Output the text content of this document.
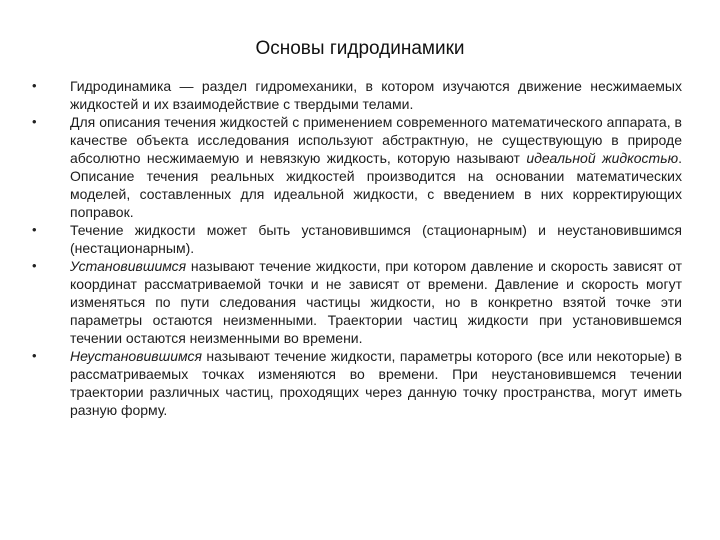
Основы гидродинамики
• Гидродинамика — раздел гидромеханики, в котором изучаются движение несжимаемых жидкостей и их взаимодействие с твердыми телами.
• Для описания течения жидкостей с применением современного математического аппарата, в качестве объекта исследования используют абстрактную, не существующую в природе абсолютно несжимаемую и невязкую жидкость, которую называют идеальной жидкостью. Описание течения реальных жидкостей производится на основании математических моделей, составленных для идеальной жидкости, с введением в них корректирующих поправок.
• Течение жидкости может быть установившимся (стационарным) и неустановившимся (нестационарным).
• Установившимся называют течение жидкости, при котором давление и скорость зависят от координат рассматриваемой точки и не зависят от времени. Давление и скорость могут изменяться по пути следования частицы жидкости, но в конкретно взятой точке эти параметры остаются неизменными. Траектории частиц жидкости при установившемся течении остаются неизменными во времени.
• Неустановившимся называют течение жидкости, параметры которого (все или некоторые) в рассматриваемых точках изменяются во времени. При неустановившемся течении траектории различных частиц, проходящих через данную точку пространства, могут иметь разную форму.
